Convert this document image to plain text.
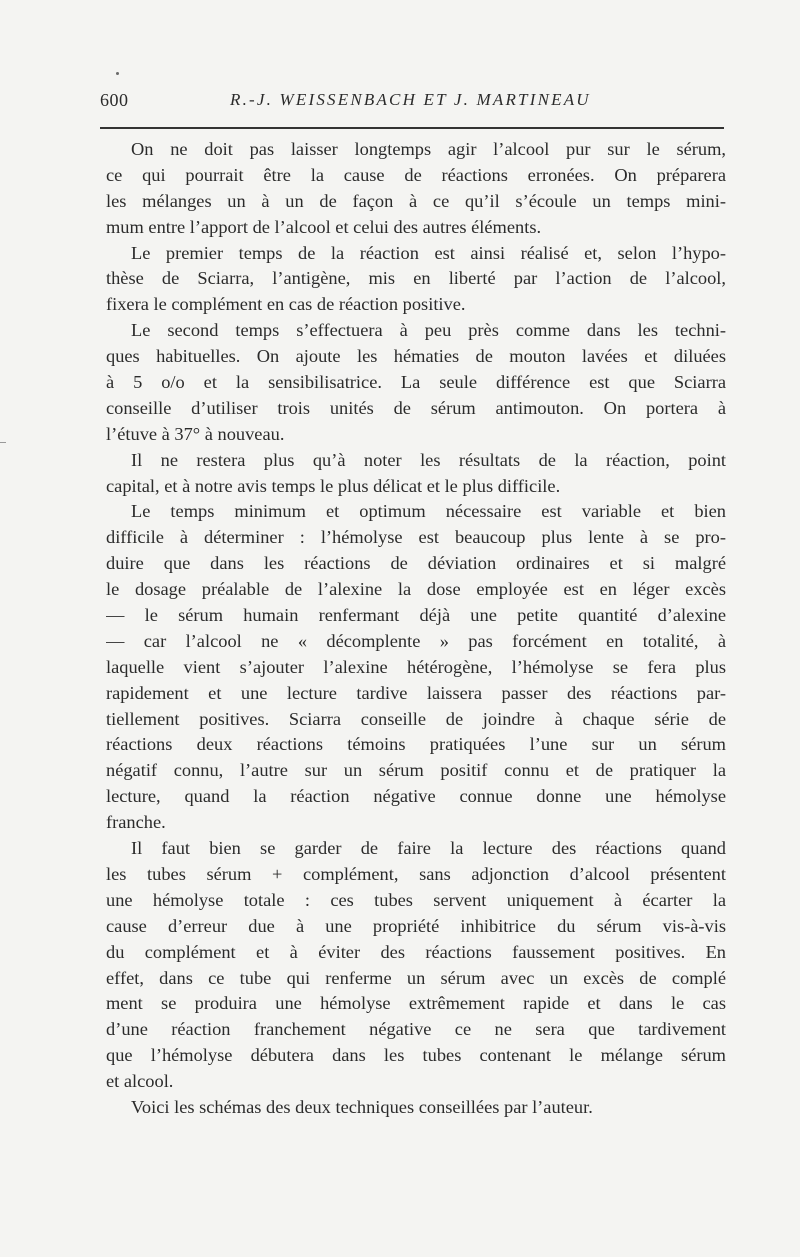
600	R.-J. WEISSENBACH ET J. MARTINEAU
On ne doit pas laisser longtemps agir l’alcool pur sur le sérum,
ce qui pourrait être la cause de réactions erronées. On préparera
les mélanges un à un de façon à ce qu’il s’écoule un temps mini-
mum entre l’apport de l’alcool et celui des autres éléments.
Le premier temps de la réaction est ainsi réalisé et, selon l’hypo-
thèse de Sciarra, l’antigène, mis en liberté par l’action de l’alcool,
fixera le complément en cas de réaction positive.
Le second temps s’effectuera à peu près comme dans les techni-
ques habituelles. On ajoute les hématies de mouton lavées et diluées
à 5 o/o et la sensibilisatrice. La seule différence est que Sciarra
conseille d’utiliser trois unités de sérum antimouton. On portera à
l’étuve à 37° à nouveau.
Il ne restera plus qu’à noter les résultats de la réaction, point
capital, et à notre avis temps le plus délicat et le plus difficile.
Le temps minimum et optimum nécessaire est variable et bien
difficile à déterminer : l’hémolyse est beaucoup plus lente à se pro-
duire que dans les réactions de déviation ordinaires et si malgré
le dosage préalable de l’alexine la dose employée est en léger excès
— le sérum humain renfermant déjà une petite quantité d’alexine
— car l’alcool ne « décomplente » pas forcément en totalité, à
laquelle vient s’ajouter l’alexine hétérogène, l’hémolyse se fera plus
rapidement et une lecture tardive laissera passer des réactions par-
tiellement positives. Sciarra conseille de joindre à chaque série de
réactions deux réactions témoins pratiquées l’une sur un sérum
négatif connu, l’autre sur un sérum positif connu et de pratiquer la
lecture, quand la réaction négative connue donne une hémolyse
franche.
Il faut bien se garder de faire la lecture des réactions quand
les tubes sérum + complément, sans adjonction d’alcool présentent
une hémolyse totale : ces tubes servent uniquement à écarter la
cause d’erreur due à une propriété inhibitrice du sérum vis-à-vis
du complément et à éviter des réactions faussement positives. En
effet, dans ce tube qui renferme un sérum avec un excès de complé
ment se produira une hémolyse extrêmement rapide et dans le cas
d’une réaction franchement négative ce ne sera que tardivement
que l’hémolyse débutera dans les tubes contenant le mélange sérum
et alcool.
Voici les schémas des deux techniques conseillées par l’auteur.
